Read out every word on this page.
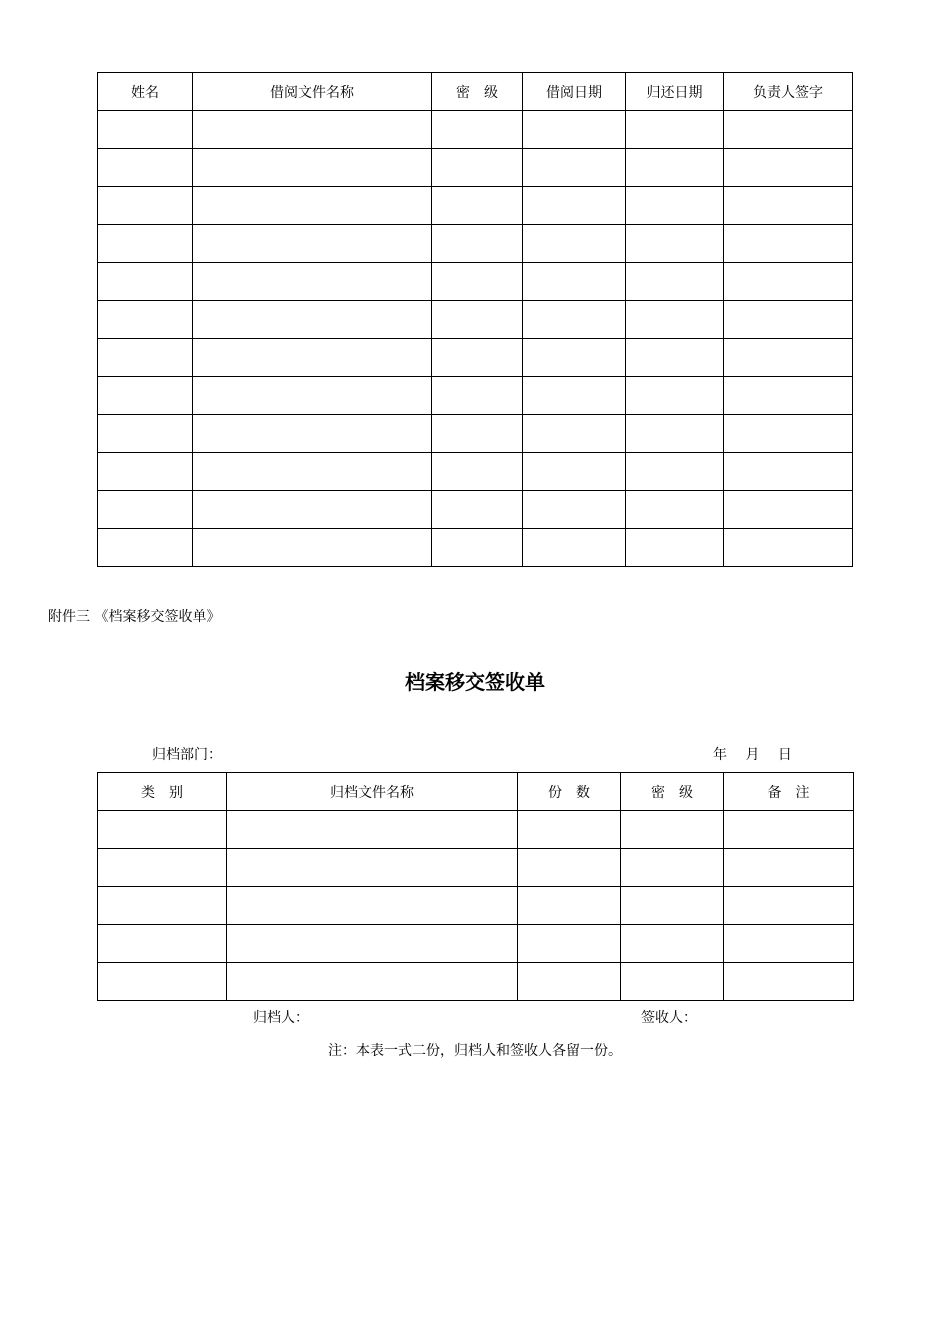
姓名	借阅文件名称	密　级	借阅日期	归还日期	负责人签字

附件三 《档案移交签收单》
档案移交签收单
归档部门：	年　 月　 日
类　别	归档文件名称	份　数	密　级	备　注

归档人：	签收人：
注：本表一式二份，归档人和签收人各留一份。
